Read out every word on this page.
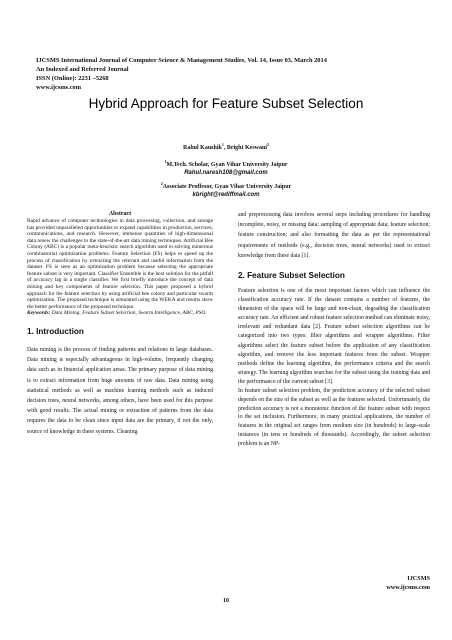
IJCSMS International Journal of Computer Science & Management Studies, Vol. 14, Issue 03, March 2014
An Indexed and Referred Journal
ISSN (Online): 2231 –5268
www.ijcsms.com
Hybrid Approach for Feature Subset Selection
Rahul Kaushik$^1$, Bright Keswani$^2$
$^1$M.Tech. Scholar, Gyan Vihar University Jaipur
Rahul.naresh108@gmail.com
$^2$Associate Proffesor, Gyan Vihar University Jaipur
kbright@rediffmail.com
Abstract

Rapid advance of computer technologies in data processing, collection, and storage has provided unparalleled opportunities to expand capabilities in production, services, communications, and research. However, immense quantities of high-dimensional data renew the challenges to the state-of-the-art data mining techniques. Artificial Bee Colony (ABC) is a popular meta-heuristic search algorithm used in solving numerous combinatorial optimization problems. Feature Selection (FS) helps to speed up the process of classification by extracting the relevant and useful information from the dataset. FS is seen as an optimization problem because selecting the appropriate feature subset is very important. Classifier Ensemble is the best solution for the pitfall of accuracy lag in a single classifier. We first briefly introduce the concept of data mining and key components of feature selection. This paper proposed a hybrid approach for the feature selection by using artificial bee colony and particular swarm optimization. The proposed technique is simulated using the WEKA and results show the better performance of the proposed technique.

Keywords: Data Mining, Feature Subset Selection, Swarm Intelligence, ABC, PSO.

1. Introduction

Data mining is the process of finding patterns and relations in large databases. Data mining is especially advantageous in high-volume, frequently changing data such as in financial application areas. The primary purpose of data mining is to extract information from huge amounts of raw data. Data mining using statistical methods as well as machine learning methods such as induced decision trees, neural networks, among others, have been used for this purpose with good results. The actual mining or extraction of patterns from the data requires the data to be clean since input data are the primary, if not the only, source of knowledge in these systems. Cleaning

and preprocessing data involves several steps including procedures for handling incomplete, noisy, or missing data; sampling of appropriate data; feature selection; feature construction; and also formatting the data as per the representational requirements of methods (e.g., decision trees, neural networks) used to extract knowledge from these data [1].

2. Feature Subset Selection

Feature selection is one of the most important factors which can influence the classification accuracy rate. If the dataset contains a number of features, the dimension of the space will be large and non-clean, degrading the classification accuracy rate. An efficient and robust feature selection method can eliminate noisy, irrelevant and redundant data [2]. Feature subset selection algorithms can be categorized into two types: filter algorithms and wrapper algorithms. Filter algorithms select the feature subset before the application of any classification algorithm, and remove the less important features from the subset. Wrapper methods define the learning algorithm, the performance criteria and the search strategy. The learning algorithm searches for the subset using the training data and the performance of the current subset [3].

In feature subset selection problem, the prediction accuracy of the selected subset depends on the size of the subset as well as the features selected. Unfortunately, the prediction accuracy is not a monotonic function of the feature subset with respect to the set inclusion. Furthermore, in many practical applications, the number of features in the original set ranges from medium size (in hundreds) to large-scale instances (in tens or hundreds of thousands). Accordingly, the subset selection problem is an NP-

IJCSMS
www.ijcsms.com
10
